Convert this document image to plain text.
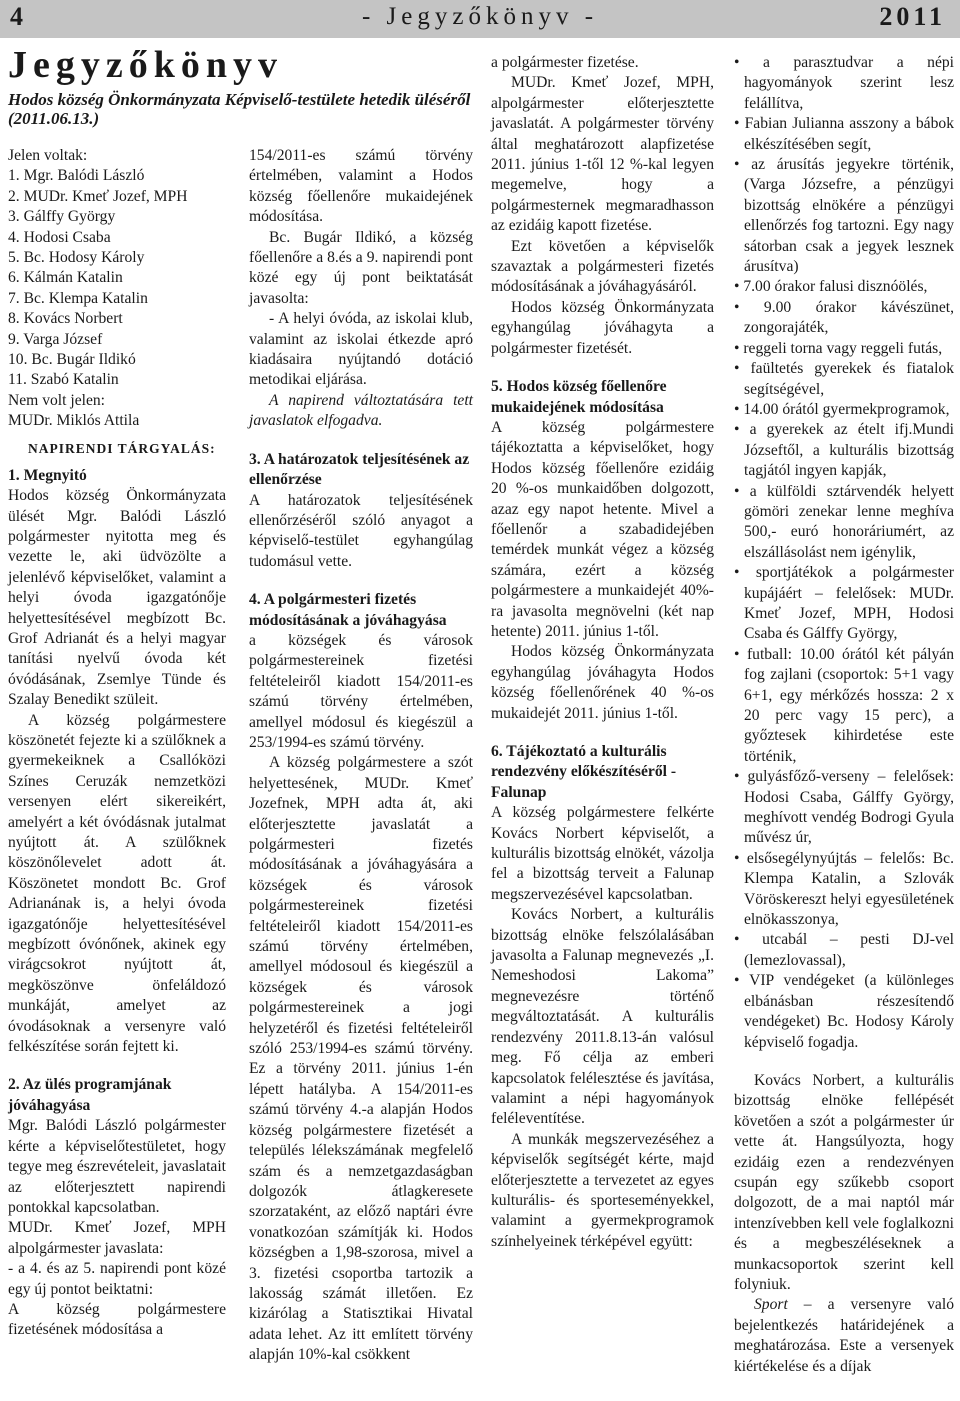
4	- Jegyzőkönyv -	2011
Jegyzőkönyv

Hodos község Önkormányzata Képviselő-testülete hetedik üléséről (2011.06.13.)

Jelen voltak:

1. Mgr. Balódi László

2. MUDr. Kmeť Jozef, MPH

3. Gálffy György

4. Hodosi Csaba

5. Bc. Hodosy Károly

6. Kálmán Katalin

7. Bc. Klempa Katalin

8. Kovács Norbert

9. Varga József

10. Bc. Bugár Ildikó

11. Szabó Katalin

Nem volt jelen:

MUDr. Miklós Attila

NAPIRENDI TÁRGYALÁS:

1. Megnyitó

Hodos község Önkormányzata ülését Mgr. Balódi László polgármester nyitotta meg és vezette le, aki üdvözölte a jelenlévő képviselőket, valamint a helyi óvoda igazgatónője helyettesítésével megbízott Bc. Grof Adrianát és a helyi magyar tanítási nyelvű óvoda két óvódásának, Zsemlye Tünde és Szalay Benedikt szüleit.

A község polgármestere köszönetét fejezte ki a szülőknek a gyermekeiknek a Csallóközi Színes Ceruzák nemzetközi versenyen elért sikereikért, amelyért a két óvódásnak jutalmat nyújtott át. A szülőknek köszönőlevelet adott át. Köszönetet mondott Bc. Grof Adrianának is, a helyi óvoda igazgatónője helyettesítésével megbízott óvónőnek, akinek egy virágcsokrot nyújtott át, megköszönve önfeláldozó munkáját, amelyet az óvodásoknak a versenyre való felkészítése során fejtett ki.

2. Az ülés programjának jóváhagyása

Mgr. Balódi László polgármester kérte a képviselőtestületet, hogy tegye meg észrevételeit, javaslatait az előterjesztett napirendi pontokkal kapcsolatban.

MUDr. Kmeť Jozef, MPH alpolgármester javaslata:

- a 4. és az 5. napirendi pont közé egy új pontot beiktatni:

A község polgármestere fizetésének módosítása a

154/2011-es számú törvény értelmében, valamint a Hodos község főellenőre mukaidejének módosítása.

Bc. Bugár Ildikó, a község főellenőre a 8.és a 9. napirendi pont közé egy új pont beiktatását javasolta:

- A helyi óvóda, az iskolai klub, valamint az iskolai étkezde apró kiadásaira nyújtandó dotáció metodikai eljárása.

A napirend változtatására tett javaslatok elfogadva.

3. A határozatok teljesítésének az ellenőrzése

A határozatok teljesítésének ellenőrzéséről szóló anyagot a képviselő-testület egyhangúlag tudomásul vette.

4. A polgármesteri fizetés módosításának a jóváhagyása

a községek és városok polgármestereinek fizetési feltételeiről kiadott 154/2011-es számú törvény értelmében, amellyel módosul és kiegészül a 253/1994-es számú törvény.

A község polgármestere a szót helyettesének, MUDr. Kmeť Jozefnek, MPH adta át, aki előterjesztette javaslatát a polgármesteri fizetés módosításának a jóváhagyására a községek és városok polgármestereinek fizetési feltételeiről kiadott 154/2011-es számú törvény értelmében, amellyel módosoul és kiegészül a községek és városok polgármestereinek a jogi helyzetéről és fizetési feltételeiről szóló 253/1994-es számú törvény. Ez a törvény 2011. június 1-én lépett hatályba. A 154/2011-es számú törvény 4.-a alapján Hodos község polgármestere fizetését a település lélekszámának megfelelő szám és a nemzetgazdaságban dolgozók átlagkeresete szorzataként, az előző naptári évre vonatkozóan számítják ki. Hodos községben a 1,98-szorosa, mivel a 3. fizetési csoportba tartozik a lakosság számát illetően. Ez kizárólag a Statisztikai Hivatal adata lehet. Az itt említett törvény alapján 10%-kal csökkent

a polgármester fizetése.

MUDr. Kmeť Jozef, MPH, alpolgármester előterjesztette javaslatát. A polgármester törvény által meghatározott alapfizetése 2011. június 1-től 12 %-kal legyen megemelve, hogy a polgármesternek megmaradhasson az ezidáig kapott fizetése.

Ezt követően a képviselők szavaztak a polgármesteri fizetés módosításának a jóváhagyásáról.

Hodos község Önkormányzata egyhangúlag jóváhagyta a polgármester fizetését.

5. Hodos község főellenőre mukaidejének módosítása

A község polgármestere tájékoztatta a képviselőket, hogy Hodos község főellenőre ezidáig 20 %-os munkaidőben dolgozott, azaz egy napot hetente. Mivel a főellenőr a szabadidejében temérdek munkát végez a község számára, ezért a község polgármestere a munkaidejét 40%-ra javasolta megnövelni (két nap hetente) 2011. június 1-től.

Hodos község Önkormányzata egyhangúlag jóváhagyta Hodos község főellenőrének 40 %-os mukaidejét 2011. június 1-től.

6. Tájékoztató a kulturális rendezvény előkészítéséről - Falunap

A község polgármestere felkérte Kovács Norbert képviselőt, a kulturális bizottság elnökét, vázolja fel a bizottság terveit a Falunap megszervezésével kapcsolatban.

Kovács Norbert, a kulturális bizottság elnöke felszólalásában javasolta a Falunap megnevezés „I. Nemeshodosi Lakoma” megnevezésre történő megváltoztatását. A kulturális rendezvény 2011.8.13-án valósul meg. Fő célja az emberi kapcsolatok felélesztése és javítása, valamint a népi hagyományok feléleventítése.

A munkák megszervezéséhez a képviselők segítségét kérte, majd előterjesztette a tervezetet az egyes kulturális- és sporteseményekkel, valamint a gyermekprogramok színhelyeinek térképével együtt:

• a parasztudvar a népi hagyományok szerint lesz felállítva,

• Fabian Julianna asszony a bábok elkészítésében segít,

• az árusítás jegyekre történik, (Varga Józsefre, a pénzügyi bizottság elnökére a pénzügyi ellenőrzés fog tartozni. Egy nagy sátorban csak a jegyek lesznek árusítva)

• 7.00 órakor falusi disznóölés,

• 9.00 órakor kávészünet, zongorajáték,

• reggeli torna vagy reggeli futás,

• faültetés gyerekek és fiatalok segítségével,

• 14.00 órától gyermekprogramok,

• a gyerekek az ételt ifj.Mundi Józseftől, a kulturális bizottság tagjától ingyen kapják,

• a külföldi sztárvendék helyett gömöri zenekar lenne meghíva 500,- euró honoráriumért, az elszállásolást nem igénylik,

• sportjátékok a polgármester kupájáért – felelősek: MUDr. Kmeť Jozef, MPH, Hodosi Csaba és Gálffy György,

• futball: 10.00 órától két pályán fog zajlani (csoportok: 5+1 vagy 6+1, egy mérkőzés hossza: 2 x 20 perc vagy 15 perc), a győztesek kihirdetése este történik,

• gulyásfőző-verseny – felelősek: Hodosi Csaba, Gálffy György, meghívott vendég Bodrogi Gyula művész úr,

• elsősegélynyújtás – felelős: Bc. Klempa Katalin, a Szlovák Vöröskereszt helyi egyesületének elnökasszonya,

• utcabál – pesti DJ-vel (lemezlovassal),

• VIP vendégeket (a különleges elbánásban részesítendő vendégeket) Bc. Hodosy Károly képviselő fogadja.

Kovács Norbert, a kulturális bizottság elnöke fellépését követően a szót a polgármester úr vette át. Hangsúlyozta, hogy ezidáig ezen a rendezvényen csupán egy szűkebb csoport dolgozott, de a mai naptól már intenzívebben kell vele foglalkozni és a megbeszéléseknek a munkacsoportok szerint kell folyniuk.

Sport – a versenyre való bejelentkezés határidejének a meghatározása. Este a versenyek kiértékelése és a díjak
